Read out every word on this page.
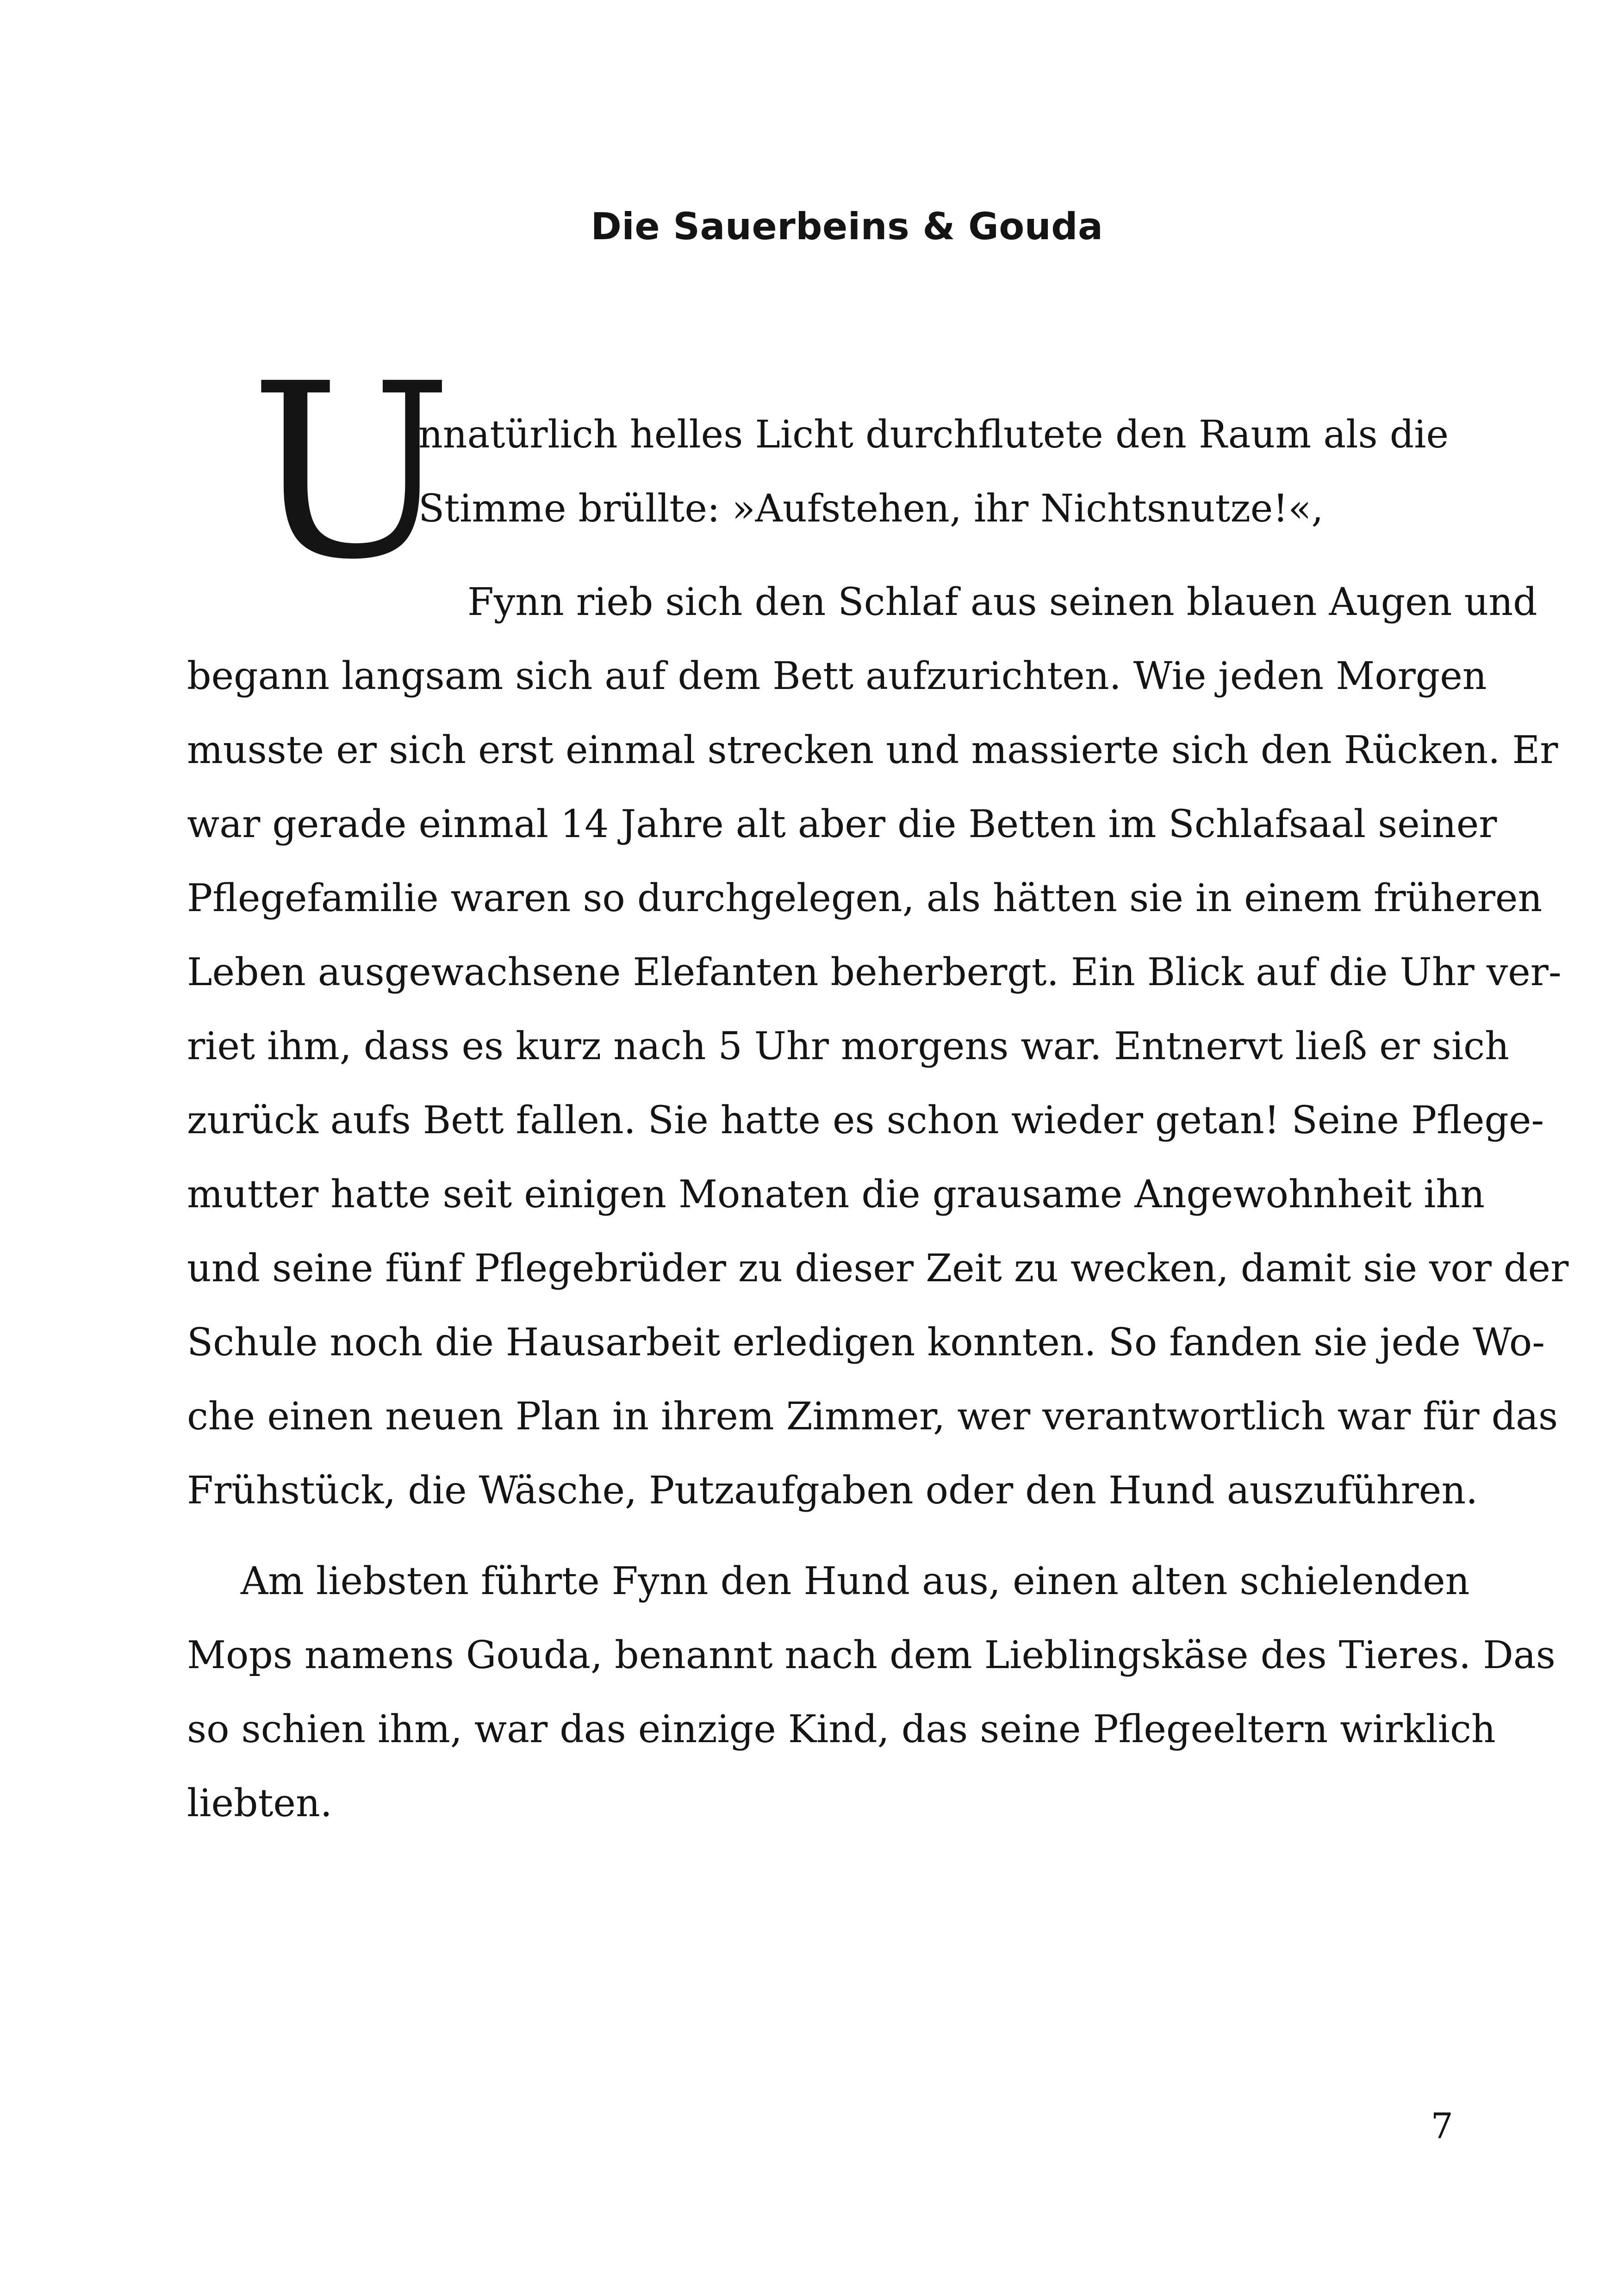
Die Sauerbeins & Gouda
U

nnatürlich helles Licht durchflutete den Raum als die

Stimme brüllte: »Aufstehen, ihr Nichtsnutze!«,

Fynn rieb sich den Schlaf aus seinen blauen Augen und

begann langsam sich auf dem Bett aufzurichten. Wie jeden Morgen

musste er sich erst einmal strecken und massierte sich den Rücken. Er

war gerade einmal 14 Jahre alt aber die Betten im Schlafsaal seiner

Pflegefamilie waren so durchgelegen, als hätten sie in einem früheren

Leben ausgewachsene Elefanten beherbergt. Ein Blick auf die Uhr ver-

riet ihm, dass es kurz nach 5 Uhr morgens war. Entnervt ließ er sich

zurück aufs Bett fallen. Sie hatte es schon wieder getan! Seine Pflege-

mutter hatte seit einigen Monaten die grausame Angewohnheit ihn

und seine fünf Pflegebrüder zu dieser Zeit zu wecken, damit sie vor der

Schule noch die Hausarbeit erledigen konnten. So fanden sie jede Wo-

che einen neuen Plan in ihrem Zimmer, wer verantwortlich war für das

Frühstück, die Wäsche, Putzaufgaben oder den Hund auszuführen.

Am liebsten führte Fynn den Hund aus, einen alten schielenden

Mops namens Gouda, benannt nach dem Lieblingskäse des Tieres. Das

so schien ihm, war das einzige Kind, das seine Pflegeeltern wirklich

liebten.

7
